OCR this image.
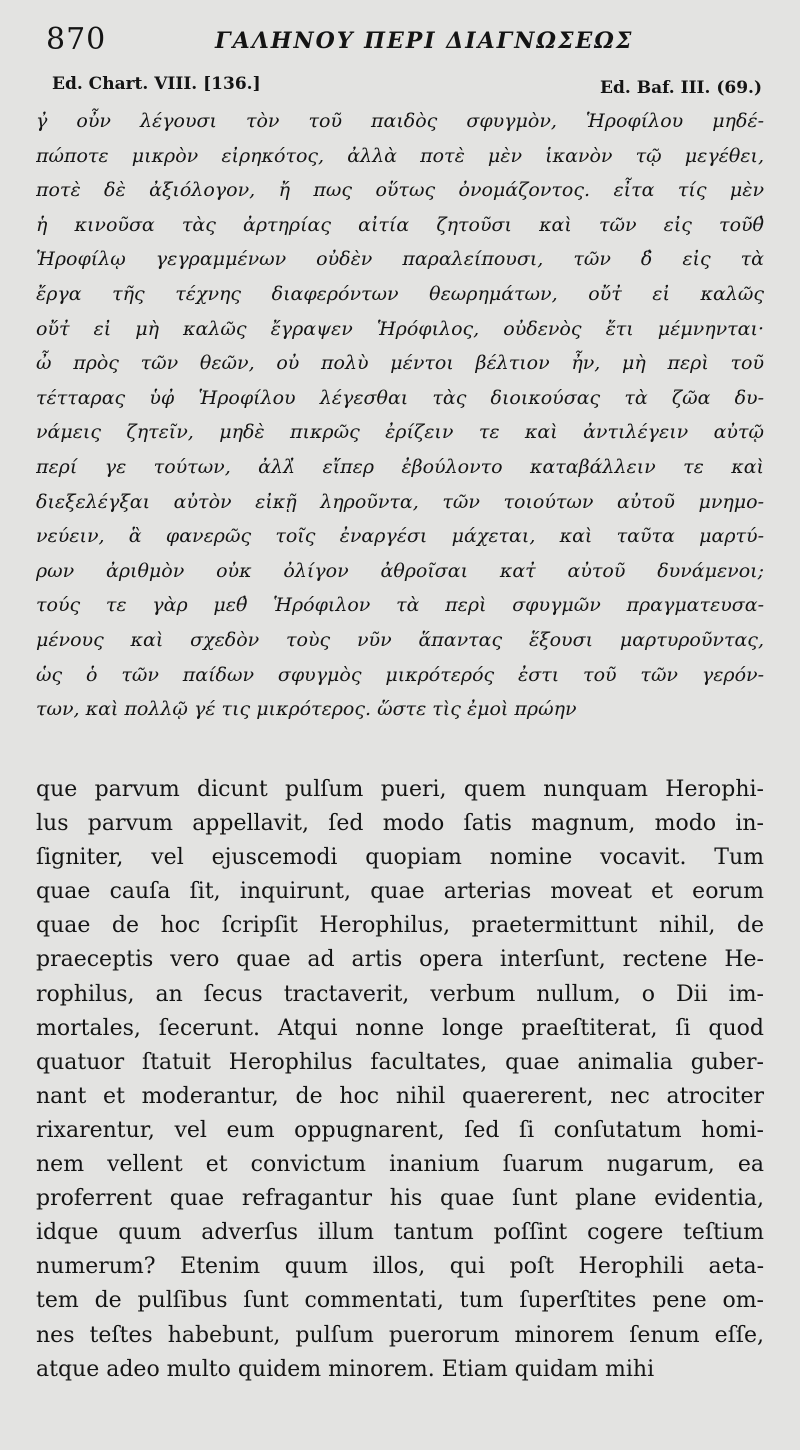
870	ΓΑΛΗΝΟΥ ΠΕΡΙ ΔΙΑΓΝΩΣΕΩΣ
Ed. Chart. VIII. [136.]	Ed. Baf. III. (69.)
γ̓ οὖν λέγουσι τὸν τοῦ παιδὸς σφυγμὸν, Ἡροφίλου μηδέ-
πώποτε μικρὸν εἰρηκότος, ἀλλὰ ποτὲ μὲν ἱκανὸν τῷ μεγέθει,
ποτὲ δὲ ἀξιόλογον, ἤ πως οὕτως ὀνομάζοντος. εἶτα τίς μὲν
ἡ κινοῦσα τὰς ἀρτηρίας αἰτία ζητοῦσι καὶ τῶν εἰς τοῦθ̓
Ἡροφίλῳ γεγραμμένων οὐδὲν παραλείπουσι, τῶν δ̓ εἰς τὰ
ἔργα τῆς τέχνης διαφερόντων θεωρημάτων, οὔτ̓ εἰ καλῶς
οὔτ̓ εἰ μὴ καλῶς ἔγραψεν Ἡρόφιλος, οὐδενὸς ἔτι μέμνηνται·
ὦ πρὸς τῶν θεῶν, οὐ πολὺ μέντοι βέλτιον ἦν, μὴ περὶ τοῦ
τέτταρας ὑφ̓ Ἡροφίλου λέγεσθαι τὰς διοικούσας τὰ ζῶα δυ-
νάμεις ζητεῖν, μηδὲ πικρῶς ἐρίζειν τε καὶ ἀντιλέγειν αὐτῷ
περί γε τούτων, ἀλλ̓ εἴπερ ἐβούλοντο καταβάλλειν τε καὶ
διεξελέγξαι αὐτὸν εἰκῇ ληροῦντα, τῶν τοιούτων αὐτοῦ μνημο-
νεύειν, ἃ φανερῶς τοῖς ἐναργέσι μάχεται, καὶ ταῦτα μαρτύ-
ρων ἀριθμὸν οὐκ ὀλίγον ἀθροῖσαι κατ̓ αὐτοῦ δυνάμενοι;
τούς τε γὰρ μεθ̓ Ἡρόφιλον τὰ περὶ σφυγμῶν πραγματευσα-
μένους καὶ σχεδὸν τοὺς νῦν ἅπαντας ἕξουσι μαρτυροῦντας,
ὡς ὁ τῶν παίδων σφυγμὸς μικρότερός ἐστι τοῦ τῶν γερόν-
των, καὶ πολλῷ γέ τις μικρότερος. ὥστε τὶς ἐμοὶ πρώην
que parvum dicunt pulſum pueri, quem nunquam Herophi-
lus parvum appellavit, ſed modo ſatis magnum, modo in-
ſigniter, vel ejuscemodi quopiam nomine vocavit. Tum
quae cauſa ſit, inquirunt, quae arterias moveat et eorum
quae de hoc ſcripſit Herophilus, praetermittunt nihil, de
praeceptis vero quae ad artis opera interſunt, rectene He-
rophilus, an ſecus tractaverit, verbum nullum, o Dii im-
mortales, ſecerunt. Atqui nonne longe praeſtiterat, ſi quod
quatuor ſtatuit Herophilus facultates, quae animalia guber-
nant et moderantur, de hoc nihil quaererent, nec atrociter
rixarentur, vel eum oppugnarent, ſed ſi conſutatum homi-
nem vellent et convictum inanium ſuarum nugarum, ea
proferrent quae refragantur his quae ſunt plane evidentia,
idque quum adverſus illum tantum poſſint cogere teſtium
numerum? Etenim quum illos, qui poſt Herophili aeta-
tem de pulſibus ſunt commentati, tum ſuperſtites pene om-
nes teſtes habebunt, pulſum puerorum minorem ſenum eſſe,
atque adeo multo quidem minorem. Etiam quidam mihi
